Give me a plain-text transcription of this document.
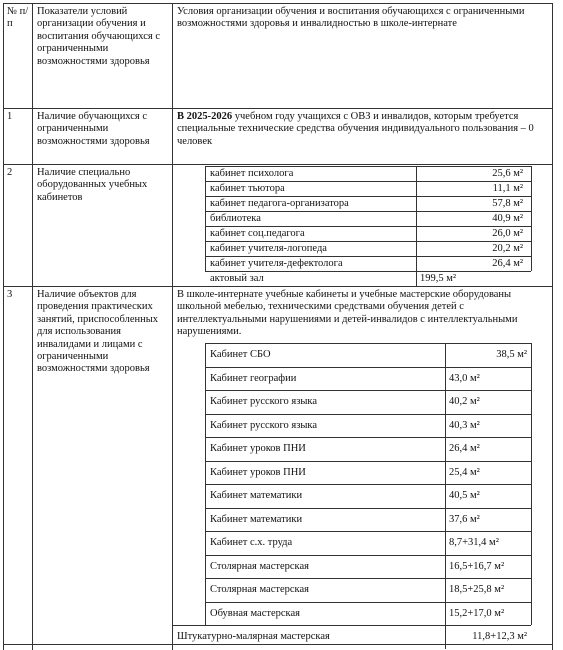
№ п/п
Показатели условий организации обучения и воспитания обучающихся с ограниченными возможностями здоровья
Условия организации обучения и воспитания обучающихся с ограниченными возможностями здоровья и инвалидностью в школе-интернате
1 Наличие обучающихся с ограниченными возможностями здоровья
В 2025-2026 учебном году учащихся с ОВЗ и инвалидов, которым требуется специальные технические средства обучения индивидуального пользования – 0 человек
2 Наличие специально оборудованных учебных кабинетов
кабинет психолога	25,6 м²
кабинет тьютора	11,1 м²
кабинет педагога-организатора	57,8 м²
библиотека	40,9 м²
кабинет соц.педагога	26,0 м²
кабинет учителя-логопеда	20,2 м²
кабинет учителя-дефектолога	26,4 м²
актовый зал	199,5 м²
3 Наличие объектов для проведения практических занятий, приспособленных для использования инвалидами и лицами с ограниченными возможностями здоровья
В школе-интернате учебные кабинеты и учебные мастерские оборудованы школьной мебелью, техническими средствами обучения детей с интеллектуальными нарушениями и детей-инвалидов с интеллектуальными нарушениями.
Кабинет СБО	38,5 м²
Кабинет географии	43,0 м²
Кабинет русского языка	40,2 м²
Кабинет русского языка	40,3 м²
Кабинет уроков ПНИ	26,4 м²
Кабинет уроков ПНИ	25,4 м²
Кабинет математики	40,5 м²
Кабинет математики	37,6 м²
Кабинет с.х. труда	8,7+31,4 м²
Столярная мастерская	16,5+16,7 м²
Столярная мастерская	18,5+25,8 м²
Обувная мастерская	15,2+17,0 м²
Штукатурно-малярная мастерская	11,8+12,3 м²
